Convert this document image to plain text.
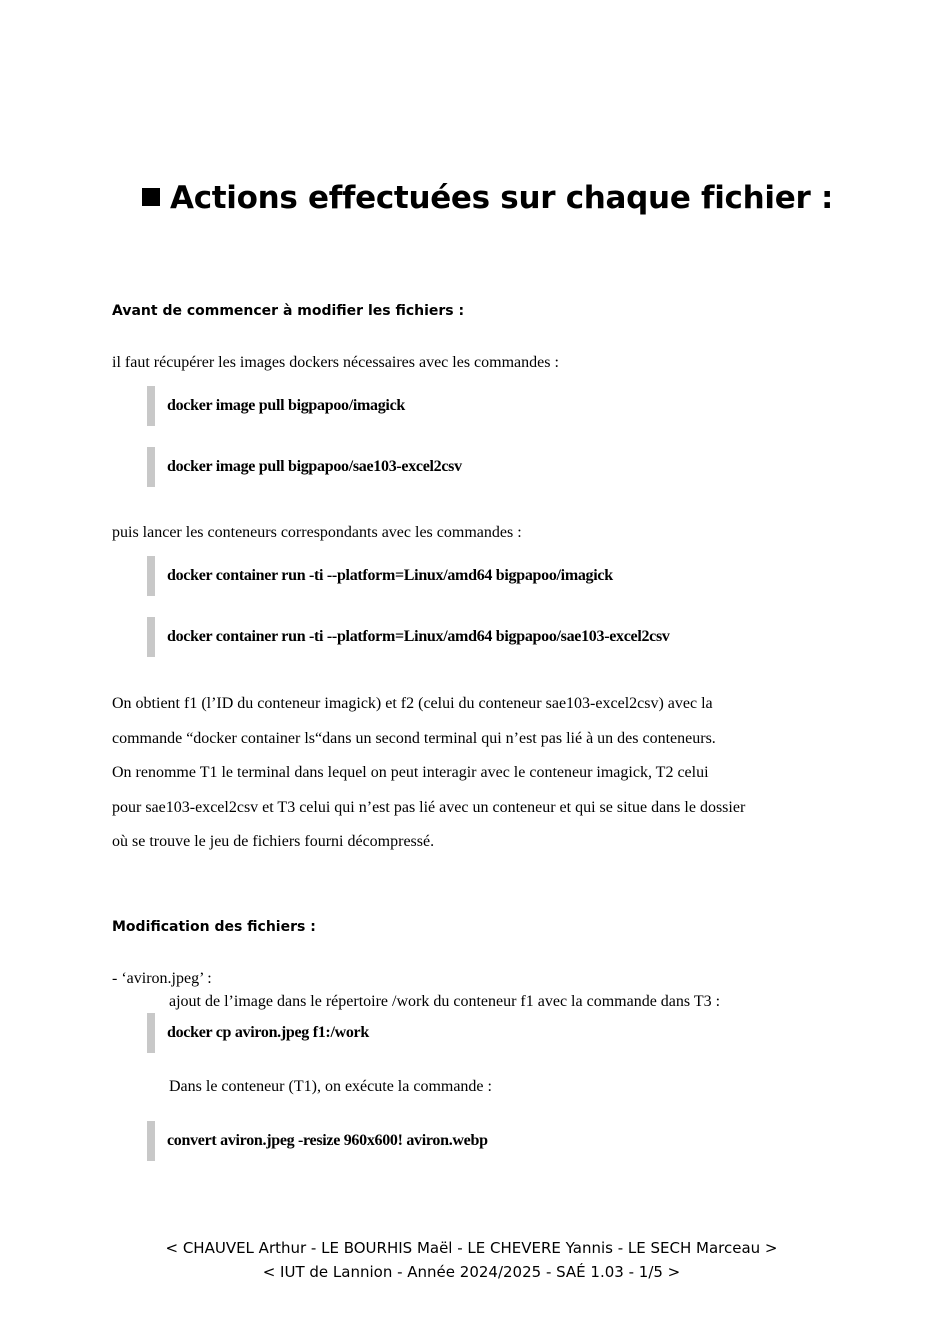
Actions effectuées sur chaque fichier :
Avant de commencer à modifier les fichiers :
il faut récupérer les images dockers nécessaires avec les commandes :
docker image pull bigpapoo/imagick
docker image pull bigpapoo/sae103-excel2csv
puis lancer les conteneurs correspondants avec les commandes :
docker container run -ti --platform=Linux/amd64 bigpapoo/imagick
docker container run -ti --platform=Linux/amd64 bigpapoo/sae103-excel2csv
On obtient f1 (l’ID du conteneur imagick) et f2 (celui du conteneur sae103-excel2csv) avec la
commande “docker container ls“dans un second terminal qui n’est pas lié à un des conteneurs.
On renomme T1 le terminal dans lequel on peut interagir avec le conteneur imagick, T2 celui
pour sae103-excel2csv et T3 celui qui n’est pas lié avec un conteneur et qui se situe dans le dossier
où se trouve le jeu de fichiers fourni décompressé.
Modification des fichiers :
- ‘aviron.jpeg’ :
ajout de l’image dans le répertoire /work du conteneur f1 avec la commande dans T3 :
docker cp aviron.jpeg f1:/work
Dans le conteneur (T1), on exécute la commande :
convert aviron.jpeg -resize 960x600! aviron.webp
< CHAUVEL Arthur - LE BOURHIS Maël - LE CHEVERE Yannis - LE SECH Marceau >
< IUT de Lannion - Année 2024/2025 - SAÉ 1.03 - 1/5 >
